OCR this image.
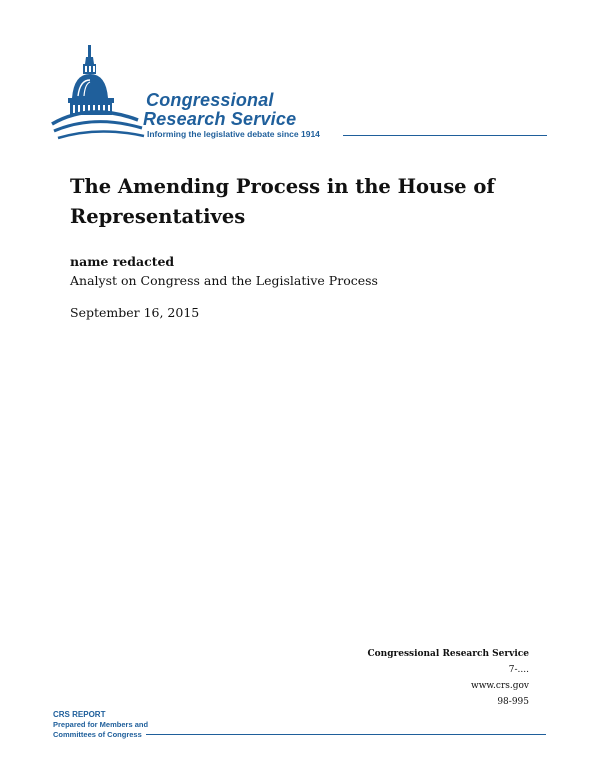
Congressional
Research Service
Informing the legislative debate since 1914
The Amending Process in the House of Representatives
name redacted
Analyst on Congress and the Legislative Process
September 16, 2015
Congressional Research Service
7-....
www.crs.gov
98-995
CRS REPORT
Prepared for Members and
Committees of Congress
